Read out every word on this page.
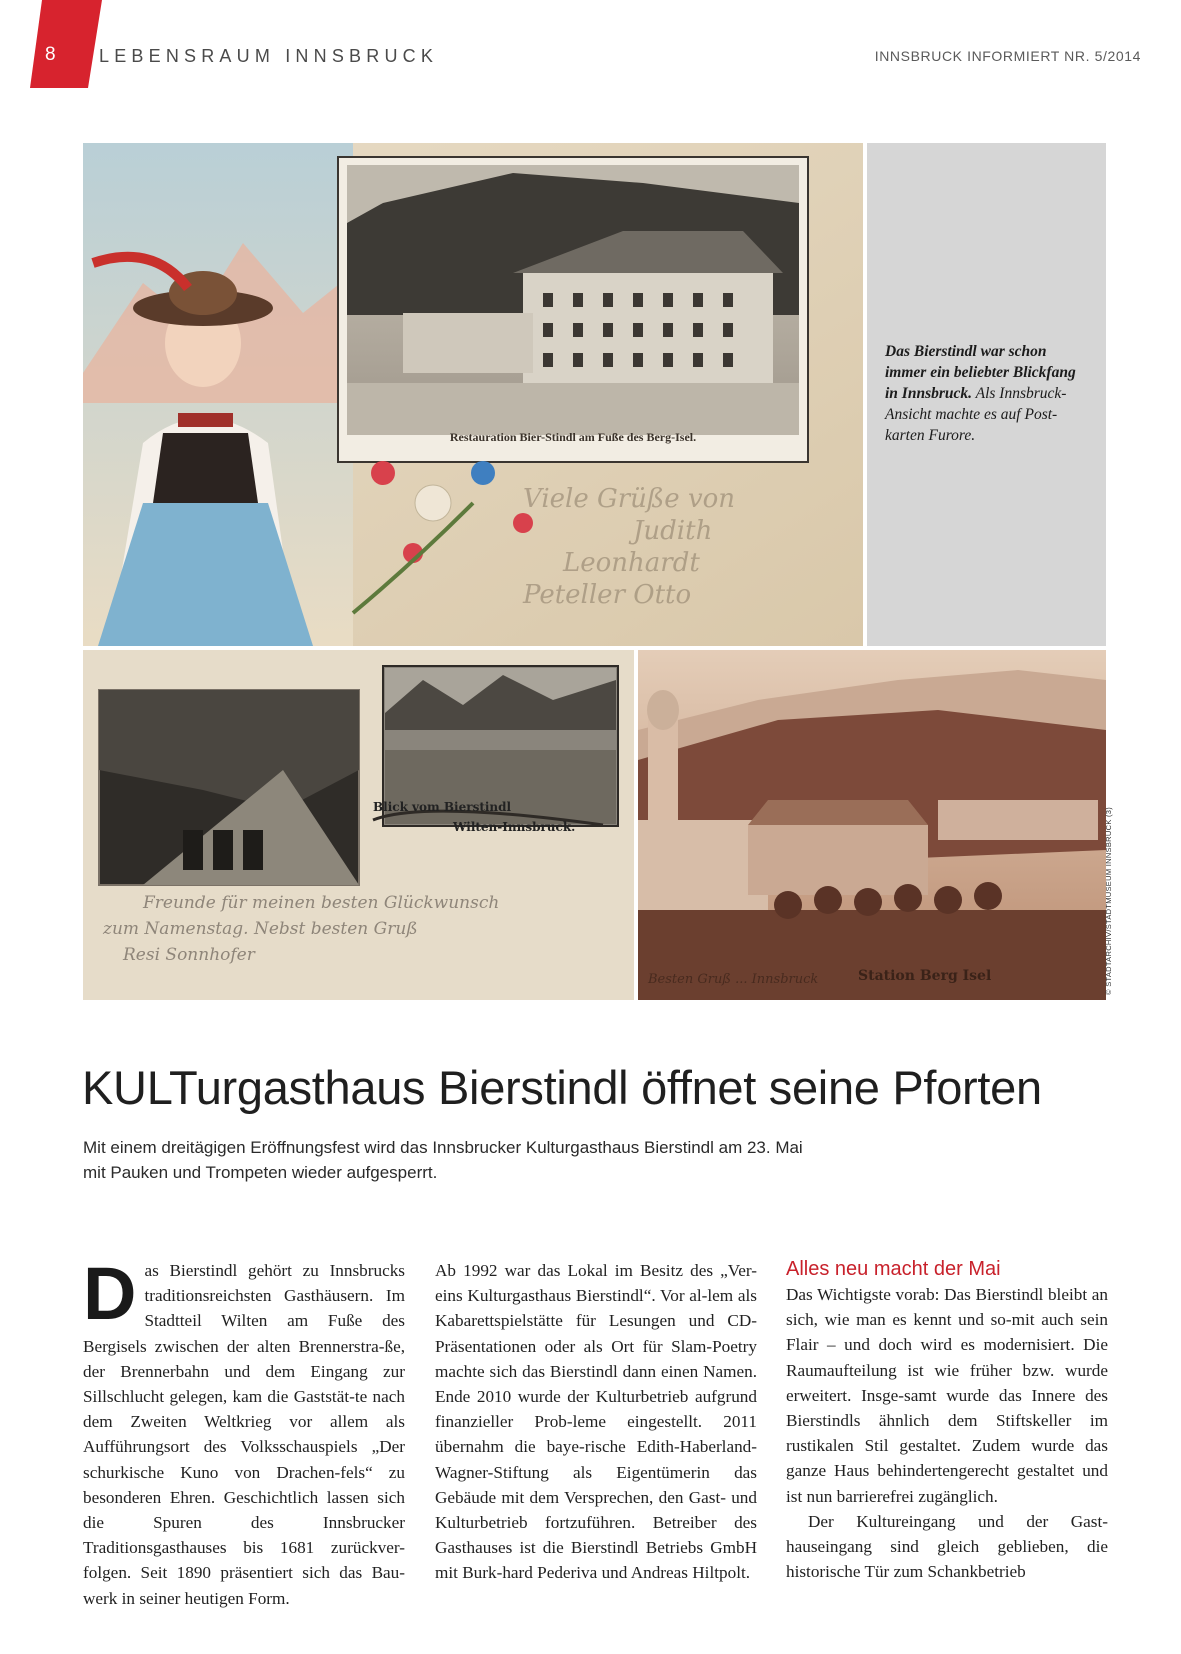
8 LEBENSRAUM INNSBRUCK	INNSBRUCK INFORMIERT NR. 5/2014
Restauration Bier-Stindl am Fuße des Berg-Isel.
Viele Grüße von
Judith
Leonhardt
Peteller Otto
Das Bierstindl war schon immer ein beliebter Blickfang in Innsbruck. Als Innsbruck-Ansicht machte es auf Post-karten Furore.
Blick vom Bierstindl
Wilten-Innsbruck.
Freunde für meinen besten Glückwunsch
zum Namenstag. Nebst besten Gruß
Resi Sonnhofer
Station Berg Isel
Besten Gruß ... Innsbruck	© STADTARCHIV/STADTMUSEUM INNSBRUCK (3)
KULTurgasthaus Bierstindl öffnet seine Pforten

Mit einem dreitägigen Eröffnungsfest wird das Innsbrucker Kulturgasthaus Bierstindl am 23. Mai mit Pauken und Trompeten wieder aufgesperrt.

D as Bierstindl gehört zu Innsbrucks traditionsreichsten Gasthäusern. Im Stadtteil Wilten am Fuße des Bergisels zwischen der alten Brennerstra-ße, der Brennerbahn und dem Eingang zur Sillschlucht gelegen, kam die Gaststät-te nach dem Zweiten Weltkrieg vor allem als Aufführungsort des Volksschauspiels „Der schurkische Kuno von Drachen-fels“ zu besonderen Ehren. Geschichtlich lassen sich die Spuren des Innsbrucker Traditionsgasthauses bis 1681 zurückver-folgen. Seit 1890 präsentiert sich das Bau-werk in seiner heutigen Form.

Ab 1992 war das Lokal im Besitz des „Ver-eins Kulturgasthaus Bierstindl“. Vor al-lem als Kabarettspielstätte für Lesungen und CD-Präsentationen oder als Ort für Slam-Poetry machte sich das Bierstindl dann einen Namen. Ende 2010 wurde der Kulturbetrieb aufgrund finanzieller Prob-leme eingestellt. 2011 übernahm die baye-rische Edith-Haberland-Wagner-Stiftung als Eigentümerin das Gebäude mit dem Versprechen, den Gast- und Kulturbetrieb fortzuführen. Betreiber des Gasthauses ist die Bierstindl Betriebs GmbH mit Burk-hard Pederiva und Andreas Hiltpolt.

Alles neu macht der Mai

Das Wichtigste vorab: Das Bierstindl bleibt an sich, wie man es kennt und so-mit auch sein Flair – und doch wird es modernisiert. Die Raumaufteilung ist wie früher bzw. wurde erweitert. Insge-samt wurde das Innere des Bierstindls ähnlich dem Stiftskeller im rustikalen Stil gestaltet. Zudem wurde das ganze Haus behindertengerecht gestaltet und ist nun barrierefrei zugänglich.

Der Kultureingang und der Gast-hauseingang sind gleich geblieben, die historische Tür zum Schankbetrieb
